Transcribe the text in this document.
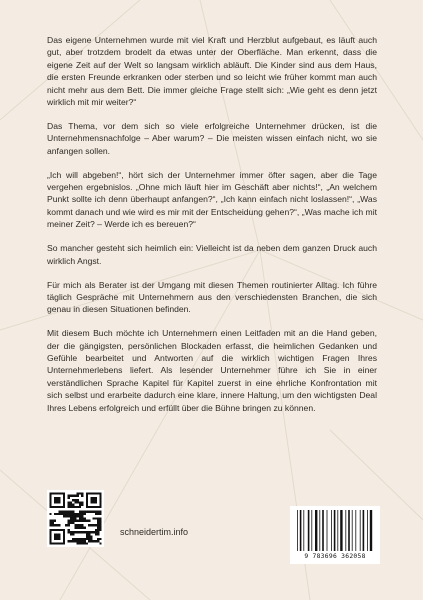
Das eigene Unternehmen wurde mit viel Kraft und Herzblut aufgebaut, es läuft auch gut, aber trotzdem brodelt da etwas unter der Oberfläche. Man erkennt, dass die eigene Zeit auf der Welt so langsam wirklich abläuft. Die Kinder sind aus dem Haus, die ersten Freunde erkranken oder sterben und so leicht wie früher kommt man auch nicht mehr aus dem Bett. Die immer gleiche Frage stellt sich: „Wie geht es denn jetzt wirklich mit mir weiter?“

Das Thema, vor dem sich so viele erfolgreiche Unternehmer drücken, ist die Unternehmensnachfolge – Aber warum? – Die meisten wissen einfach nicht, wo sie anfangen sollen.

„Ich will abgeben!“, hört sich der Unternehmer immer öfter sagen, aber die Tage vergehen ergebnislos. „Ohne mich läuft hier im Geschäft aber nichts!“, „An welchem Punkt sollte ich denn überhaupt anfangen?“, „Ich kann einfach nicht loslassen!“, „Was kommt danach und wie wird es mir mit der Entscheidung gehen?“, „Was mache ich mit meiner Zeit? – Werde ich es bereuen?“

So mancher gesteht sich heimlich ein: Vielleicht ist da neben dem ganzen Druck auch wirklich Angst.

Für mich als Berater ist der Umgang mit diesen Themen routinierter Alltag. Ich führe täglich Gespräche mit Unternehmern aus den verschiedensten Branchen, die sich genau in diesen Situationen befinden.

Mit diesem Buch möchte ich Unternehmern einen Leitfaden mit an die Hand geben, der die gängigsten, persönlichen Blockaden erfasst, die heimlichen Gedanken und Gefühle bearbeitet und Antworten auf die wirklich wichtigen Fragen Ihres Unternehmerlebens liefert. Als lesender Unternehmer führe ich Sie in einer verständlichen Sprache Kapitel für Kapitel zuerst in eine ehrliche Konfrontation mit sich selbst und erarbeite dadurch eine klare, innere Haltung, um den wichtigsten Deal Ihres Lebens erfolgreich und erfüllt über die Bühne bringen zu können.

schneidertim.info
9 783696 362058
